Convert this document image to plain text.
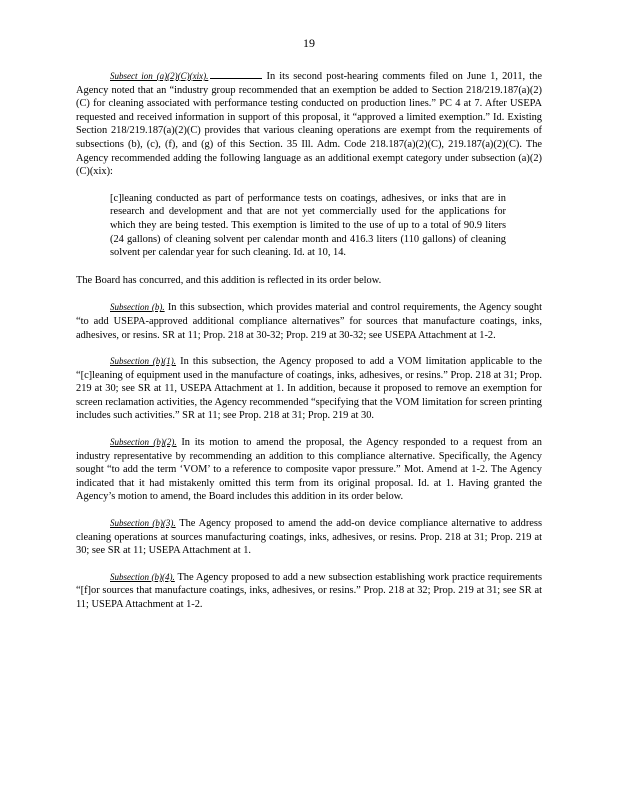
19

Subsect ion (a)(2)(C)(xix).	In its second post-hearing comments filed on June 1, 2011, the Agency noted that an “industry group recommended that an exemption be added to Section 218/219.187(a)(2)(C) for cleaning associated with performance testing conducted on production lines.” PC 4 at 7. After USEPA requested and received information in support of this proposal, it “approved a limited exemption.” Id. Existing Section 218/219.187(a)(2)(C) provides that various cleaning operations are exempt from the requirements of subsections (b), (c), (f), and (g) of this Section. 35 Ill. Adm. Code 218.187(a)(2)(C), 219.187(a)(2)(C). The Agency recommended adding the following language as an additional exempt category under subsection (a)(2)(C)(xix):

[c]leaning conducted as part of performance tests on coatings, adhesives, or inks that are in research and development and that are not yet commercially used for the applications for which they are being tested. This exemption is limited to the use of up to a total of 90.9 liters (24 gallons) of cleaning solvent per calendar month and 416.3 liters (110 gallons) of cleaning solvent per calendar year for such cleaning. Id. at 10, 14.

The Board has concurred, and this addition is reflected in its order below.

Subsection (b). In this subsection, which provides material and control requirements, the Agency sought “to add USEPA-approved additional compliance alternatives” for sources that manufacture coatings, inks, adhesives, or resins. SR at 11; Prop. 218 at 30-32; Prop. 219 at 30-32; see USEPA Attachment at 1-2.

Subsection (b)(1). In this subsection, the Agency proposed to add a VOM limitation applicable to the “[c]leaning of equipment used in the manufacture of coatings, inks, adhesives, or resins.” Prop. 218 at 31; Prop. 219 at 30; see SR at 11, USEPA Attachment at 1. In addition, because it proposed to remove an exemption for screen reclamation activities, the Agency recommended “specifying that the VOM limitation for screen printing includes such activities.” SR at 11; see Prop. 218 at 31; Prop. 219 at 30.

Subsection (b)(2). In its motion to amend the proposal, the Agency responded to a request from an industry representative by recommending an addition to this compliance alternative. Specifically, the Agency sought “to add the term ‘VOM’ to a reference to composite vapor pressure.” Mot. Amend at 1-2. The Agency indicated that it had mistakenly omitted this term from its original proposal. Id. at 1. Having granted the Agency’s motion to amend, the Board includes this addition in its order below.

Subsection (b)(3). The Agency proposed to amend the add-on device compliance alternative to address cleaning operations at sources manufacturing coatings, inks, adhesives, or resins. Prop. 218 at 31; Prop. 219 at 30; see SR at 11; USEPA Attachment at 1.

Subsection (b)(4). The Agency proposed to add a new subsection establishing work practice requirements “[f]or sources that manufacture coatings, inks, adhesives, or resins.” Prop. 218 at 32; Prop. 219 at 31; see SR at 11; USEPA Attachment at 1-2.
